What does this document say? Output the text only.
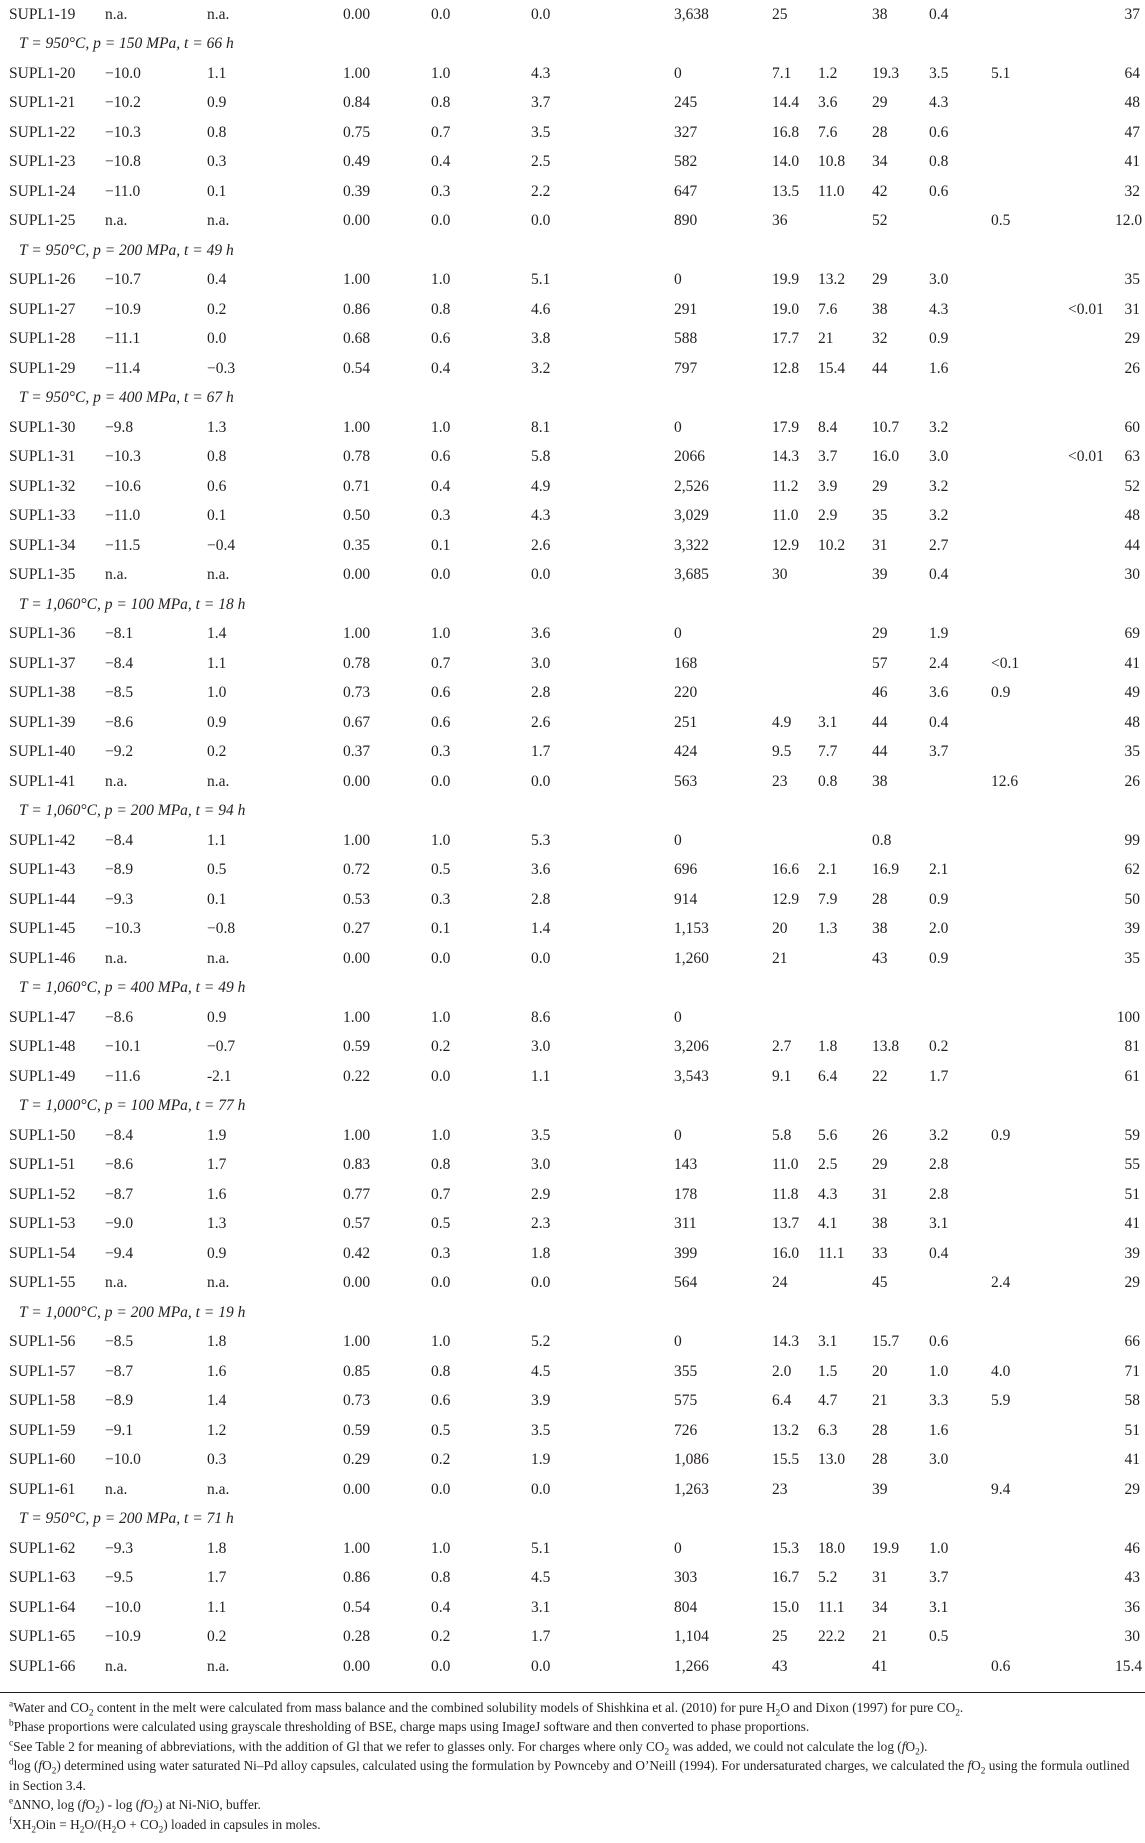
SUPL1-19	n.a.	n.a.	0.00	0.0	0.0	3,638	25		38	0.4			37
T = 950°C, p = 150 MPa, t = 66 h													
SUPL1-20	−10.0	1.1	1.00	1.0	4.3	0	7.1	1.2	19.3	3.5	5.1		64
SUPL1-21	−10.2	0.9	0.84	0.8	3.7	245	14.4	3.6	29	4.3			48
SUPL1-22	−10.3	0.8	0.75	0.7	3.5	327	16.8	7.6	28	0.6			47
SUPL1-23	−10.8	0.3	0.49	0.4	2.5	582	14.0	10.8	34	0.8			41
SUPL1-24	−11.0	0.1	0.39	0.3	2.2	647	13.5	11.0	42	0.6			32
SUPL1-25	n.a.	n.a.	0.00	0.0	0.0	890	36		52		0.5		12.0
T = 950°C, p = 200 MPa, t = 49 h													
SUPL1-26	−10.7	0.4	1.00	1.0	5.1	0	19.9	13.2	29	3.0			35
SUPL1-27	−10.9	0.2	0.86	0.8	4.6	291	19.0	7.6	38	4.3		<0.01	31
SUPL1-28	−11.1	0.0	0.68	0.6	3.8	588	17.7	21	32	0.9			29
SUPL1-29	−11.4	−0.3	0.54	0.4	3.2	797	12.8	15.4	44	1.6			26
T = 950°C, p = 400 MPa, t = 67 h													
SUPL1-30	−9.8	1.3	1.00	1.0	8.1	0	17.9	8.4	10.7	3.2			60
SUPL1-31	−10.3	0.8	0.78	0.6	5.8	2066	14.3	3.7	16.0	3.0		<0.01	63
SUPL1-32	−10.6	0.6	0.71	0.4	4.9	2,526	11.2	3.9	29	3.2			52
SUPL1-33	−11.0	0.1	0.50	0.3	4.3	3,029	11.0	2.9	35	3.2			48
SUPL1-34	−11.5	−0.4	0.35	0.1	2.6	3,322	12.9	10.2	31	2.7			44
SUPL1-35	n.a.	n.a.	0.00	0.0	0.0	3,685	30		39	0.4			30
T = 1,060°C, p = 100 MPa, t = 18 h													
SUPL1-36	−8.1	1.4	1.00	1.0	3.6	0			29	1.9			69
SUPL1-37	−8.4	1.1	0.78	0.7	3.0	168			57	2.4	<0.1		41
SUPL1-38	−8.5	1.0	0.73	0.6	2.8	220			46	3.6	0.9		49
SUPL1-39	−8.6	0.9	0.67	0.6	2.6	251	4.9	3.1	44	0.4			48
SUPL1-40	−9.2	0.2	0.37	0.3	1.7	424	9.5	7.7	44	3.7			35
SUPL1-41	n.a.	n.a.	0.00	0.0	0.0	563	23	0.8	38		12.6		26
T = 1,060°C, p = 200 MPa, t = 94 h													
SUPL1-42	−8.4	1.1	1.00	1.0	5.3	0			0.8				99
SUPL1-43	−8.9	0.5	0.72	0.5	3.6	696	16.6	2.1	16.9	2.1			62
SUPL1-44	−9.3	0.1	0.53	0.3	2.8	914	12.9	7.9	28	0.9			50
SUPL1-45	−10.3	−0.8	0.27	0.1	1.4	1,153	20	1.3	38	2.0			39
SUPL1-46	n.a.	n.a.	0.00	0.0	0.0	1,260	21		43	0.9			35
T = 1,060°C, p = 400 MPa, t = 49 h													
SUPL1-47	−8.6	0.9	1.00	1.0	8.6	0							100
SUPL1-48	−10.1	−0.7	0.59	0.2	3.0	3,206	2.7	1.8	13.8	0.2			81
SUPL1-49	−11.6	-2.1	0.22	0.0	1.1	3,543	9.1	6.4	22	1.7			61
T = 1,000°C, p = 100 MPa, t = 77 h													
SUPL1-50	−8.4	1.9	1.00	1.0	3.5	0	5.8	5.6	26	3.2	0.9		59
SUPL1-51	−8.6	1.7	0.83	0.8	3.0	143	11.0	2.5	29	2.8			55
SUPL1-52	−8.7	1.6	0.77	0.7	2.9	178	11.8	4.3	31	2.8			51
SUPL1-53	−9.0	1.3	0.57	0.5	2.3	311	13.7	4.1	38	3.1			41
SUPL1-54	−9.4	0.9	0.42	0.3	1.8	399	16.0	11.1	33	0.4			39
SUPL1-55	n.a.	n.a.	0.00	0.0	0.0	564	24		45		2.4		29
T = 1,000°C, p = 200 MPa, t = 19 h													
SUPL1-56	−8.5	1.8	1.00	1.0	5.2	0	14.3	3.1	15.7	0.6			66
SUPL1-57	−8.7	1.6	0.85	0.8	4.5	355	2.0	1.5	20	1.0	4.0		71
SUPL1-58	−8.9	1.4	0.73	0.6	3.9	575	6.4	4.7	21	3.3	5.9		58
SUPL1-59	−9.1	1.2	0.59	0.5	3.5	726	13.2	6.3	28	1.6			51
SUPL1-60	−10.0	0.3	0.29	0.2	1.9	1,086	15.5	13.0	28	3.0			41
SUPL1-61	n.a.	n.a.	0.00	0.0	0.0	1,263	23		39		9.4		29
T = 950°C, p = 200 MPa, t = 71 h													
SUPL1-62	−9.3	1.8	1.00	1.0	5.1	0	15.3	18.0	19.9	1.0			46
SUPL1-63	−9.5	1.7	0.86	0.8	4.5	303	16.7	5.2	31	3.7			43
SUPL1-64	−10.0	1.1	0.54	0.4	3.1	804	15.0	11.1	34	3.1			36
SUPL1-65	−10.9	0.2	0.28	0.2	1.7	1,104	25	22.2	21	0.5			30
SUPL1-66	n.a.	n.a.	0.00	0.0	0.0	1,266	43		41		0.6		15.4

$^a$Water and $CO_2$ content in the melt were calculated from mass balance and the combined solubility models of Shishkina et al. (2010) for pure $H_2O$ and Dixon (1997) for pure $CO_2$.

$^b$Phase proportions were calculated using grayscale thresholding of BSE, charge maps using ImageJ software and then converted to phase proportions.

$^c$See Table 2 for meaning of abbreviations, with the addition of Gl that we refer to glasses only. For charges where only $CO_2$ was added, we could not calculate the $\log (fO_2)$.

$^d$log $(fO_2)$ determined using water saturated Ni–Pd alloy capsules, calculated using the formulation by Pownceby and O’Neill (1994). For undersaturated charges, we calculated the $fO_2$ using the formula outlined in Section 3.4.

$^e$ΔNNO, $\log (fO_2)$ - $\log (fO_2)$ at Ni-NiO, buffer.

$^fXH_2Oin = H_2O/(H_2O + CO_2)$ loaded in capsules in moles.
